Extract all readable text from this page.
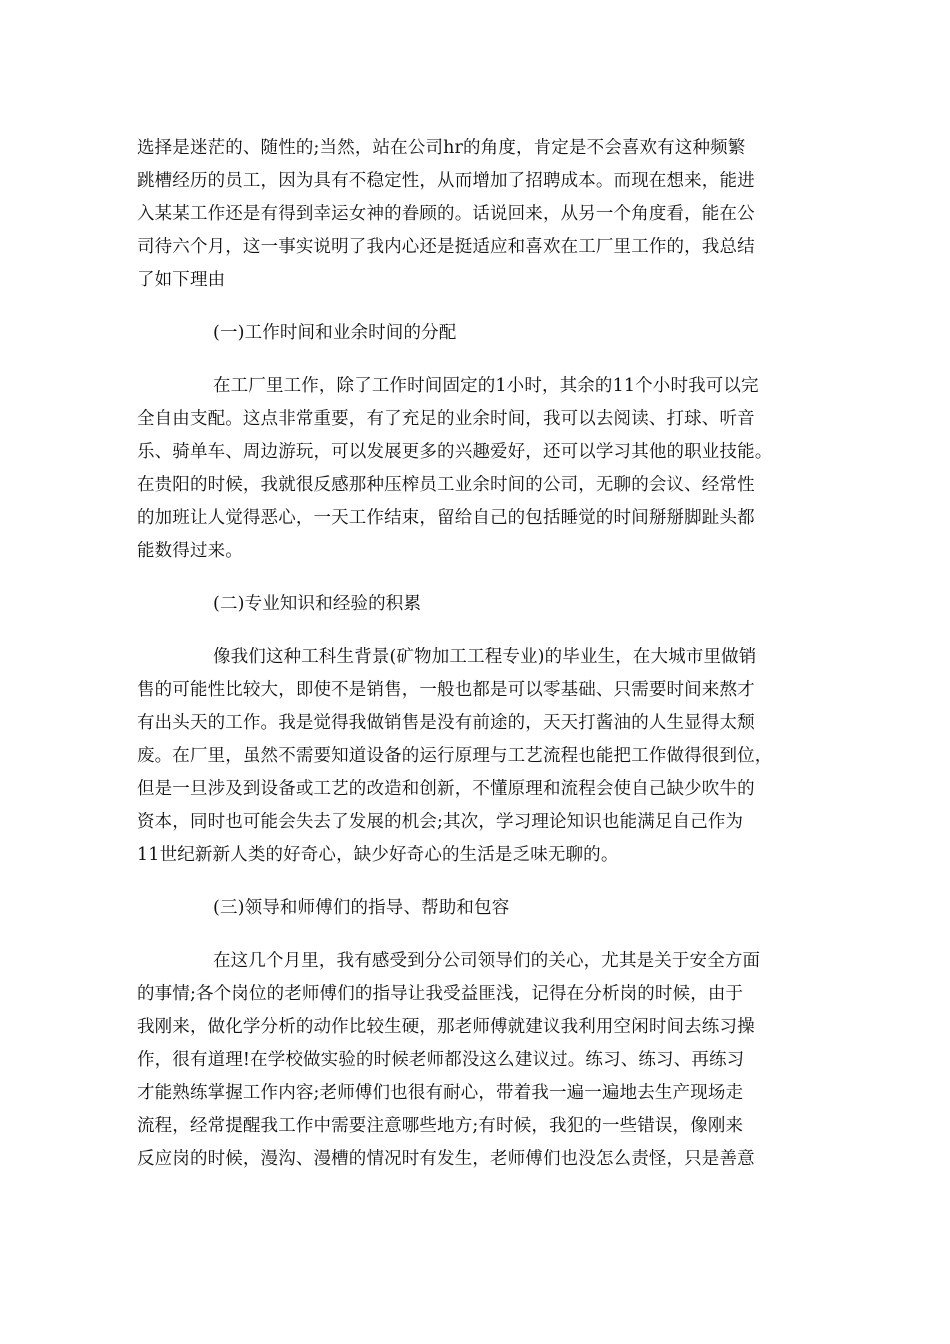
选择是迷茫的、随性的;当然，站在公司hr的角度，肯定是不会喜欢有这种频繁
跳槽经历的员工，因为具有不稳定性，从而增加了招聘成本。而现在想来，能进
入某某工作还是有得到幸运女神的眷顾的。话说回来，从另一个角度看，能在公
司待六个月，这一事实说明了我内心还是挺适应和喜欢在工厂里工作的，我总结
了如下理由
(一)工作时间和业余时间的分配
在工厂里工作，除了工作时间固定的1小时，其余的11个小时我可以完
全自由支配。这点非常重要，有了充足的业余时间，我可以去阅读、打球、听音
乐、骑单车、周边游玩，可以发展更多的兴趣爱好，还可以学习其他的职业技能。
在贵阳的时候，我就很反感那种压榨员工业余时间的公司，无聊的会议、经常性
的加班让人觉得恶心，一天工作结束，留给自己的包括睡觉的时间掰掰脚趾头都
能数得过来。
(二)专业知识和经验的积累
像我们这种工科生背景(矿物加工工程专业)的毕业生，在大城市里做销
售的可能性比较大，即使不是销售，一般也都是可以零基础、只需要时间来熬才
有出头天的工作。我是觉得我做销售是没有前途的，天天打酱油的人生显得太颓
废。在厂里，虽然不需要知道设备的运行原理与工艺流程也能把工作做得很到位，
但是一旦涉及到设备或工艺的改造和创新，不懂原理和流程会使自己缺少吹牛的
资本，同时也可能会失去了发展的机会;其次，学习理论知识也能满足自己作为
11世纪新新人类的好奇心，缺少好奇心的生活是乏味无聊的。
(三)领导和师傅们的指导、帮助和包容
在这几个月里，我有感受到分公司领导们的关心，尤其是关于安全方面
的事情;各个岗位的老师傅们的指导让我受益匪浅，记得在分析岗的时候，由于
我刚来，做化学分析的动作比较生硬，那老师傅就建议我利用空闲时间去练习操
作，很有道理!在学校做实验的时候老师都没这么建议过。练习、练习、再练习
才能熟练掌握工作内容;老师傅们也很有耐心，带着我一遍一遍地去生产现场走
流程，经常提醒我工作中需要注意哪些地方;有时候，我犯的一些错误，像刚来
反应岗的时候，漫沟、漫槽的情况时有发生，老师傅们也没怎么责怪，只是善意
